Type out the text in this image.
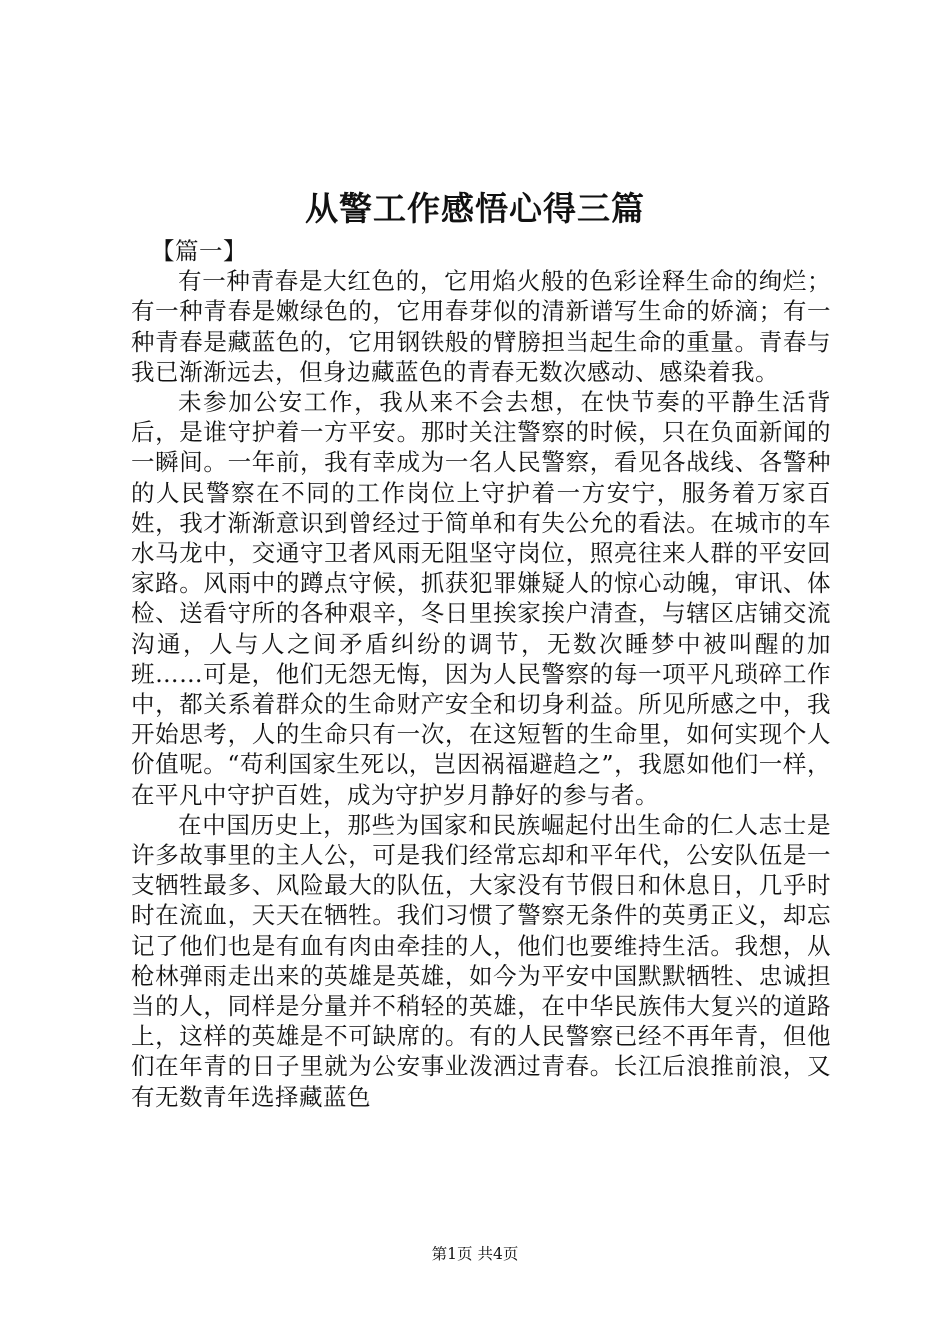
从警工作感悟心得三篇

【篇一】

有一种青春是大红色的，它用焰火般的色彩诠释生命的绚烂；有一种青春是嫩绿色的，它用春芽似的清新谱写生命的娇滴；有一种青春是藏蓝色的，它用钢铁般的臂膀担当起生命的重量。青春与我已渐渐远去，但身边藏蓝色的青春无数次感动、感染着我。

未参加公安工作，我从来不会去想，在快节奏的平静生活背后，是谁守护着一方平安。那时关注警察的时候，只在负面新闻的一瞬间。一年前，我有幸成为一名人民警察，看见各战线、各警种的人民警察在不同的工作岗位上守护着一方安宁，服务着万家百姓，我才渐渐意识到曾经过于简单和有失公允的看法。在城市的车水马龙中，交通守卫者风雨无阻坚守岗位，照亮往来人群的平安回家路。风雨中的蹲点守候，抓获犯罪嫌疑人的惊心动魄，审讯、体检、送看守所的各种艰辛，冬日里挨家挨户清查，与辖区店铺交流沟通，人与人之间矛盾纠纷的调节，无数次睡梦中被叫醒的加班……可是，他们无怨无悔，因为人民警察的每一项平凡琐碎工作中，都关系着群众的生命财产安全和切身利益。所见所感之中，我开始思考，人的生命只有一次，在这短暂的生命里，如何实现个人价值呢。“苟利国家生死以，岂因祸福避趋之”，我愿如他们一样，在平凡中守护百姓，成为守护岁月静好的参与者。

在中国历史上，那些为国家和民族崛起付出生命的仁人志士是许多故事里的主人公，可是我们经常忘却和平年代，公安队伍是一支牺牲最多、风险最大的队伍，大家没有节假日和休息日，几乎时时在流血，天天在牺牲。我们习惯了警察无条件的英勇正义，却忘记了他们也是有血有肉由牵挂的人，他们也要维持生活。我想，从枪林弹雨走出来的英雄是英雄，如今为平安中国默默牺牲、忠诚担当的人，同样是分量并不稍轻的英雄，在中华民族伟大复兴的道路上，这样的英雄是不可缺席的。有的人民警察已经不再年青，但他们在年青的日子里就为公安事业泼洒过青春。长江后浪推前浪，又有无数青年选择藏蓝色

第1页 共4页
